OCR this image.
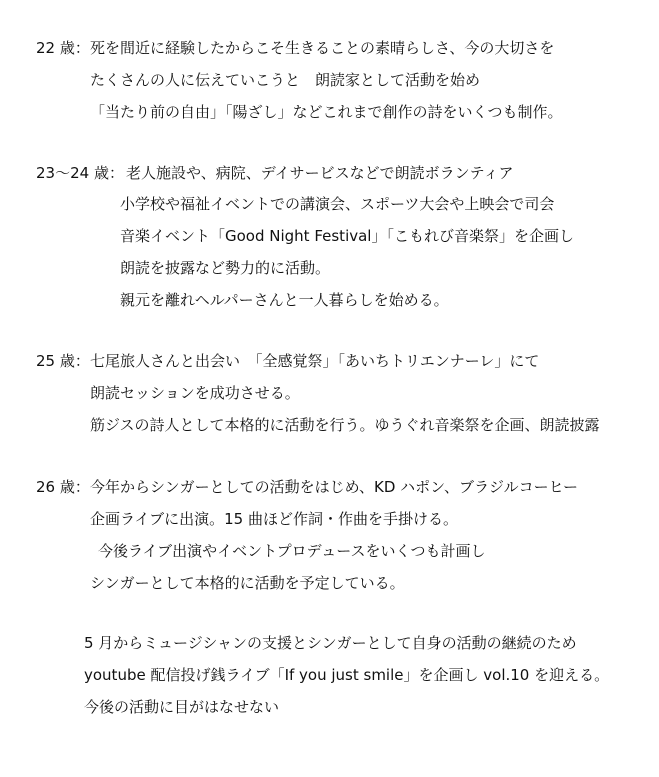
22 歳： 死を間近に経験したからこそ生きることの素晴らしさ、今の大切さを
たくさんの人に伝えていこうと　朗読家として活動を始め
「当たり前の自由」「陽ざし」などこれまで創作の詩をいくつも制作。
23～24 歳： 老人施設や、病院、デイサービスなどで朗読ボランティア
小学校や福祉イベントでの講演会、スポーツ大会や上映会で司会
音楽イベント「Good Night Festival」「こもれび音楽祭」を企画し
朗読を披露など勢力的に活動。
親元を離れヘルパーさんと一人暮らしを始める。
25 歳： 七尾旅人さんと出会い　「全感覚祭」「あいちトリエンナーレ」にて
朗読セッションを成功させる。
筋ジスの詩人として本格的に活動を行う。ゆうぐれ音楽祭を企画、朗読披露
26 歳： 今年からシンガーとしての活動をはじめ、KD ハポン、ブラジルコーヒー
企画ライブに出演。15 曲ほど作詞・作曲を手掛ける。
今後ライブ出演やイベントプロデュースをいくつも計画し
シンガーとして本格的に活動を予定している。
5 月からミュージシャンの支援とシンガーとして自身の活動の継続のため
youtube 配信投げ銭ライブ「If you just smile」を企画し vol.10 を迎える。
今後の活動に目がはなせない
